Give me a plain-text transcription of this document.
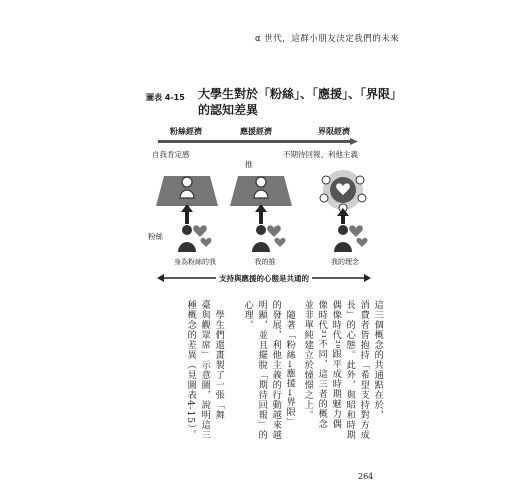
α 世代，這群小朋友決定我們的未來
圖表 4-15 大學生對於「粉絲」、「應援」、「界限」的認知差異
粉絲經濟	應援經濟	界限經濟
自我肯定感	不期待回報、利他主義
推
粉絲
身為粉絲的我	我的推	我的理念
支持與應援的心態是共通的
這三個概念的共通點在於，
消費者皆抱持「希望支持對方成
長」的心態。此外，與昭和時期
偶像時代²⁰跟平成時期魅力偶
像時代²¹不同，這三者的概念
並非單純建立於憧憬之上。
　隨著「粉絲→應援→界限」
的發展，利他主義的行動越來越
明顯，並且擺脫「期待回報」的
心理。
　學生們還畫製了一張「舞
臺與觀眾席」示意圖，說明這三
種概念的差異（見圖表4-15）。
264
